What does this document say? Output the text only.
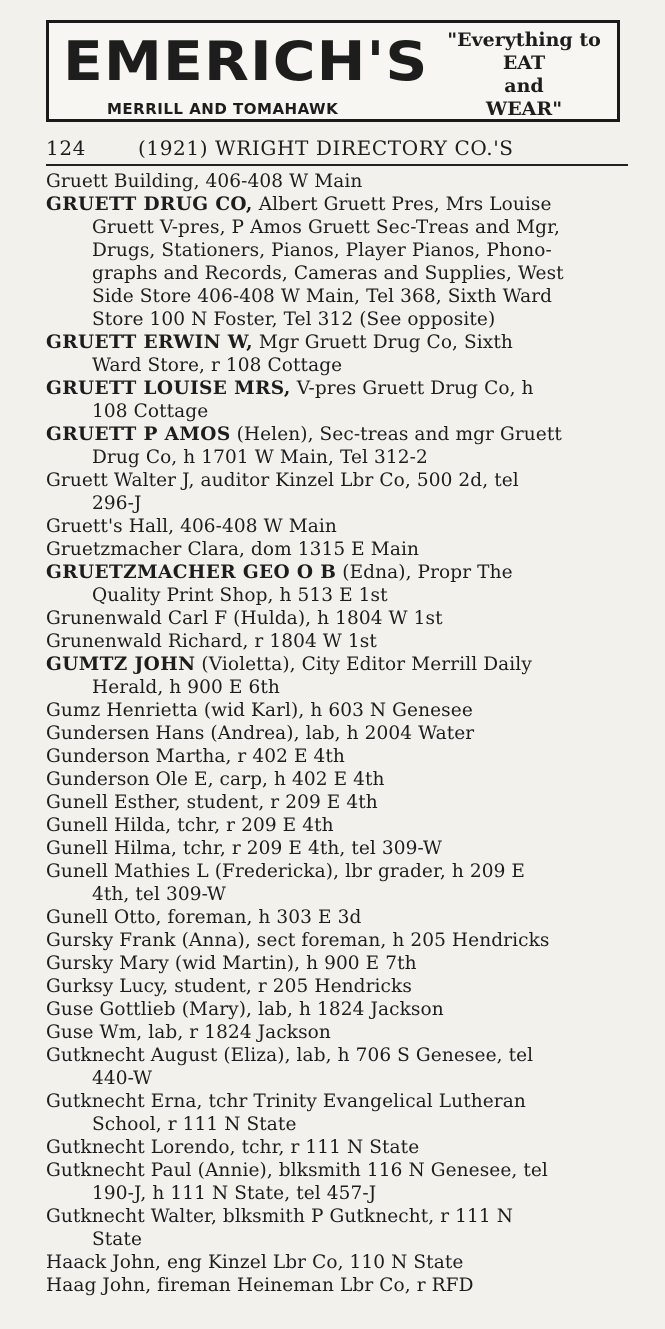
EMERICH'S
MERRILL AND TOMAHAWK
"Everything to
EAT
and
WEAR"
124	(1921) WRIGHT DIRECTORY CO.'S
Gruett Building, 406-408 W Main
GRUETT DRUG CO, Albert Gruett Pres, Mrs Louise
Gruett V-pres, P Amos Gruett Sec-Treas and Mgr,
Drugs, Stationers, Pianos, Player Pianos, Phono-
graphs and Records, Cameras and Supplies, West
Side Store 406-408 W Main, Tel 368, Sixth Ward
Store 100 N Foster, Tel 312 (See opposite)
GRUETT ERWIN W, Mgr Gruett Drug Co, Sixth
Ward Store, r 108 Cottage
GRUETT LOUISE MRS, V-pres Gruett Drug Co, h
108 Cottage
GRUETT P AMOS (Helen), Sec-treas and mgr Gruett
Drug Co, h 1701 W Main, Tel 312-2
Gruett Walter J, auditor Kinzel Lbr Co, 500 2d, tel
296-J
Gruett's Hall, 406-408 W Main
Gruetzmacher Clara, dom 1315 E Main
GRUETZMACHER GEO O B (Edna), Propr The
Quality Print Shop, h 513 E 1st
Grunenwald Carl F (Hulda), h 1804 W 1st
Grunenwald Richard, r 1804 W 1st
GUMTZ JOHN (Violetta), City Editor Merrill Daily
Herald, h 900 E 6th
Gumz Henrietta (wid Karl), h 603 N Genesee
Gundersen Hans (Andrea), lab, h 2004 Water
Gunderson Martha, r 402 E 4th
Gunderson Ole E, carp, h 402 E 4th
Gunell Esther, student, r 209 E 4th
Gunell Hilda, tchr, r 209 E 4th
Gunell Hilma, tchr, r 209 E 4th, tel 309-W
Gunell Mathies L (Fredericka), lbr grader, h 209 E
4th, tel 309-W
Gunell Otto, foreman, h 303 E 3d
Gursky Frank (Anna), sect foreman, h 205 Hendricks
Gursky Mary (wid Martin), h 900 E 7th
Gurksy Lucy, student, r 205 Hendricks
Guse Gottlieb (Mary), lab, h 1824 Jackson
Guse Wm, lab, r 1824 Jackson
Gutknecht August (Eliza), lab, h 706 S Genesee, tel
440-W
Gutknecht Erna, tchr Trinity Evangelical Lutheran
School, r 111 N State
Gutknecht Lorendo, tchr, r 111 N State
Gutknecht Paul (Annie), blksmith 116 N Genesee, tel
190-J, h 111 N State, tel 457-J
Gutknecht Walter, blksmith P Gutknecht, r 111 N
State
Haack John, eng Kinzel Lbr Co, 110 N State
Haag John, fireman Heineman Lbr Co, r RFD
